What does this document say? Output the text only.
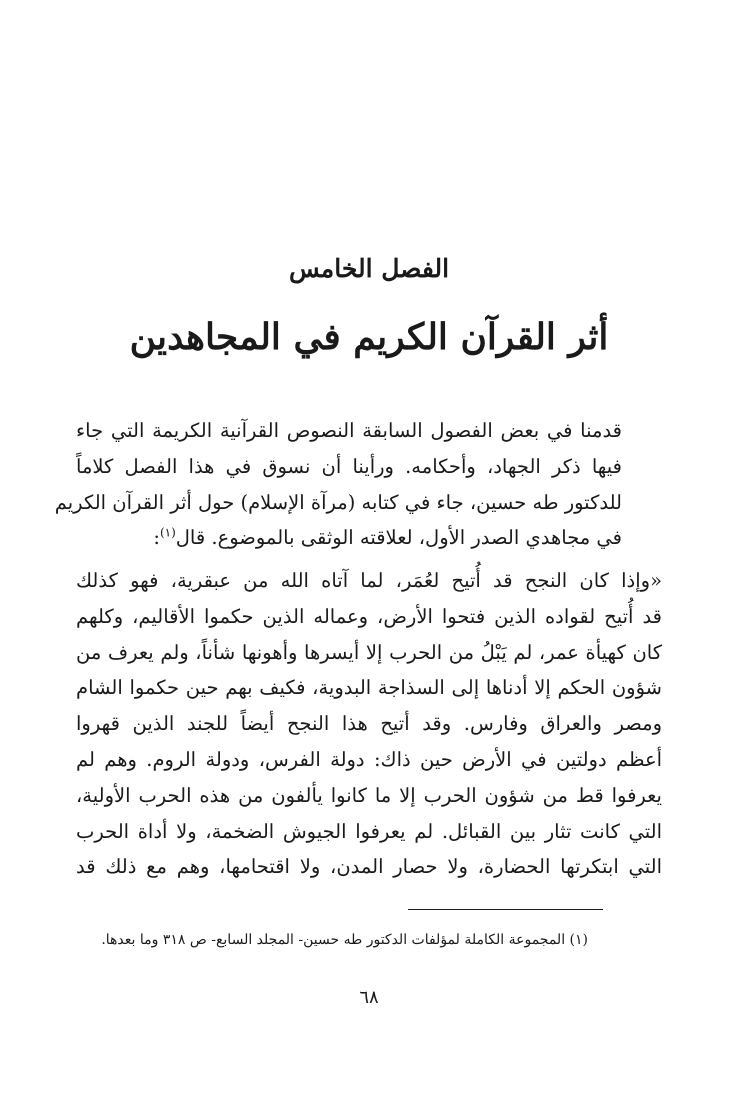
الفصل الخامس
أثر القرآن الكريم في المجاهدين

قدمنا في بعض الفصول السابقة النصوص القرآنية الكريمة التي جاء
فيها ذكر الجهاد، وأحكامه. ورأينا أن نسوق في هذا الفصل كلاماً
للدكتور طه حسين، جاء في كتابه (مرآة الإسلام) حول أثر القرآن الكريم
في مجاهدي الصدر الأول، لعلاقته الوثقى بالموضوع. قال$^{(١)}$:

«وإذا كان النجح قد أُتيح لعُمَر، لما آتاه الله من عبقرية، فهو كذلك
قد أُتيح لقواده الذين فتحوا الأرض، وعماله الذين حكموا الأقاليم، وكلهم
كان كهيأة عمر، لم يَبْلُ من الحرب إلا أيسرها وأهونها شأناً، ولم يعرف من
شؤون الحكم إلا أدناها إلى السذاجة البدوية، فكيف بهم حين حكموا الشام
ومصر والعراق وفارس. وقد أتيح هذا النجح أيضاً للجند الذين قهروا
أعظم دولتين في الأرض حين ذاك: دولة الفرس، ودولة الروم. وهم لم
يعرفوا قط من شؤون الحرب إلا ما كانوا يألفون من هذه الحرب الأولية،
التي كانت تثار بين القبائل. لم يعرفوا الجيوش الضخمة، ولا أداة الحرب
التي ابتكرتها الحضارة، ولا حصار المدن، ولا اقتحامها، وهم مع ذلك قد

(١) المجموعة الكاملة لمؤلفات الدكتور طه حسين- المجلد السابع- ص ٣١٨ وما بعدها.

٦٨
